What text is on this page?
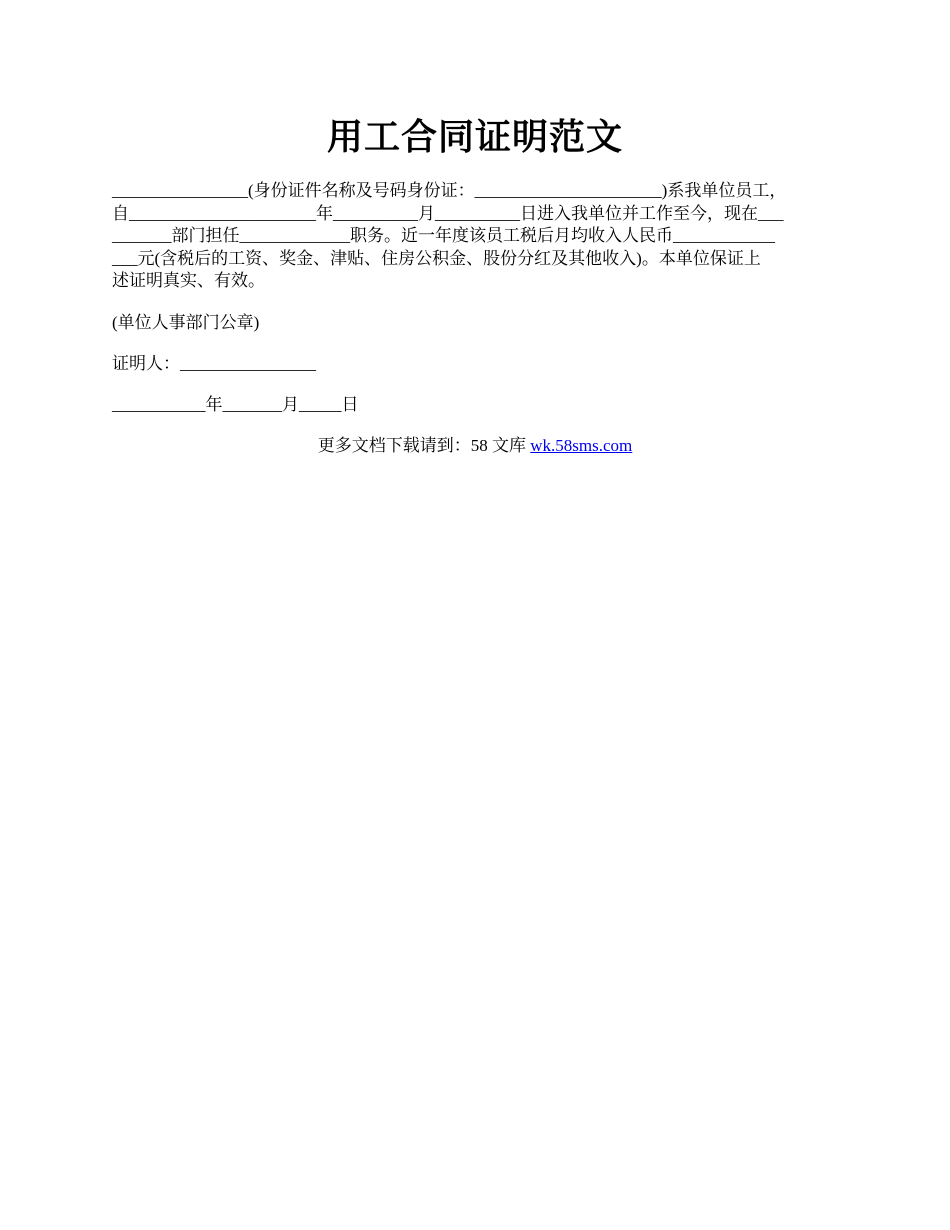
用工合同证明范文
________________(身份证件名称及号码身份证：______________________)系我单位员工，
自______________________年__________月__________日进入我单位并工作至今，现在___
_______部门担任_____________职务。近一年度该员工税后月均收入人民币____________
___元(含税后的工资、奖金、津贴、住房公积金、股份分红及其他收入)。本单位保证上
述证明真实、有效。
(单位人事部门公章)
证明人：________________
___________年_______月_____日
更多文档下载请到：58 文库 wk.58sms.com
